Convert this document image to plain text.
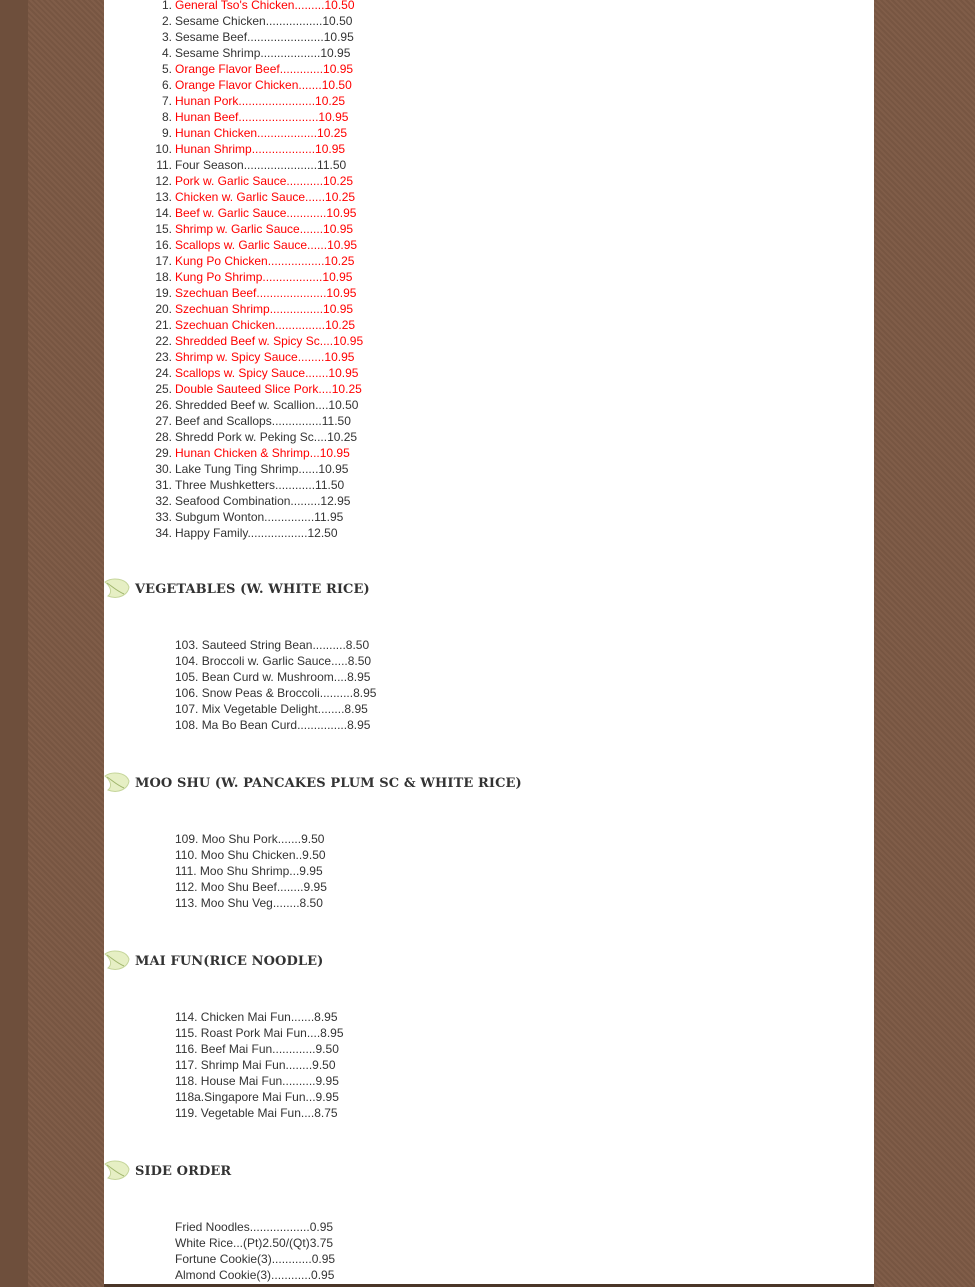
1. General Tso's Chicken.........10.50
2. Sesame Chicken.................10.50
3. Sesame Beef.......................10.95
4. Sesame Shrimp..................10.95
5. Orange Flavor Beef.............10.95
6. Orange Flavor Chicken.......10.50
7. Hunan Pork.......................10.25
8. Hunan Beef........................10.95
9. Hunan Chicken..................10.25
10. Hunan Shrimp...................10.95
11. Four Season......................11.50
12. Pork w. Garlic Sauce...........10.25
13. Chicken w. Garlic Sauce......10.25
14. Beef w. Garlic Sauce............10.95
15. Shrimp w. Garlic Sauce.......10.95
16. Scallops w. Garlic Sauce......10.95
17. Kung Po Chicken.................10.25
18. Kung Po Shrimp..................10.95
19. Szechuan Beef.....................10.95
20. Szechuan Shrimp................10.95
21. Szechuan Chicken...............10.25
22. Shredded Beef w. Spicy Sc....10.95
23. Shrimp w. Spicy Sauce........10.95
24. Scallops w. Spicy Sauce.......10.95
25. Double Sauteed Slice Pork....10.25
26. Shredded Beef w. Scallion....10.50
27. Beef and Scallops...............11.50
28. Shredd Pork w. Peking Sc....10.25
29. Hunan Chicken & Shrimp...10.95
30. Lake Tung Ting Shrimp......10.95
31. Three Mushketters............11.50
32. Seafood Combination.........12.95
33. Subgum Wonton...............11.95
34. Happy Family..................12.50
VEGETABLES (W. WHITE RICE)
103. Sauteed String Bean..........8.50
104. Broccoli w. Garlic Sauce.....8.50
105. Bean Curd w. Mushroom....8.95
106. Snow Peas & Broccoli..........8.95
107. Mix Vegetable Delight........8.95
108. Ma Bo Bean Curd...............8.95
MOO SHU (W. PANCAKES PLUM SC & WHITE RICE)
109. Moo Shu Pork.......9.50
110. Moo Shu Chicken..9.50
111. Moo Shu Shrimp...9.95
112. Moo Shu Beef........9.95
113. Moo Shu Veg........8.50
MAI FUN(RICE NOODLE)
114. Chicken Mai Fun.......8.95
115. Roast Pork Mai Fun....8.95
116. Beef Mai Fun.............9.50
117. Shrimp Mai Fun........9.50
118. House Mai Fun..........9.95
118a.Singapore Mai Fun...9.95
119. Vegetable Mai Fun....8.75
SIDE ORDER
Fried Noodles..................0.95
White Rice...(Pt)2.50/(Qt)3.75
Fortune Cookie(3)............0.95
Almond Cookie(3)............0.95
